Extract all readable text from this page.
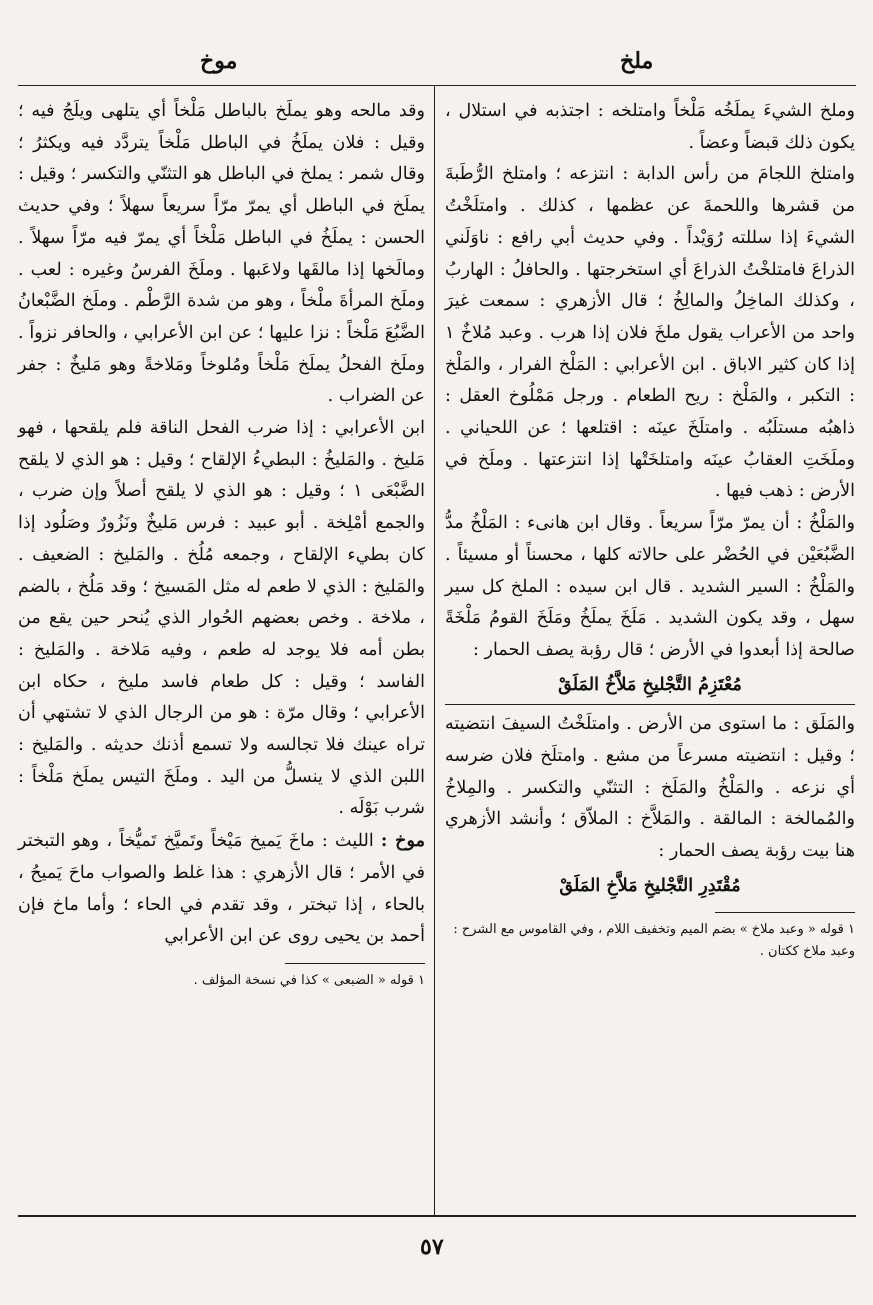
ملخ
موخ

وملخ الشيءَ يملَخُه مَلْخاً وامتلخه : اجتذبه في استلال ، يكون ذلك قبضاً وعضاً .

وامتلخ اللجامَ من رأس الدابة : انتزعه ؛ وامتلخ الرُّطَبةَ من قشرها واللحمةَ عن عظمها ، كذلك . وامتلَخْتُ الشيءَ إذا سللته رُوَيْداً . وفي حديث أبي رافع : ناوَلَني الذراعَ فامتلخْتُ الذراعَ أي استخرجتها . والحافلُ : الهاربُ ، وكذلك الماخِلُ والمالِخُ ؛ قال الأزهري : سمعت غيرَ واحد من الأعراب يقول ملخَ فلان إذا هرب . وعبد مُلاخٌ ١ إذا كان كثير الاباق . ابن الأعرابي : المَلْخ الفرار ، والمَلْخ : التكبر ، والمَلْخ : ريح الطعام . ورجل مَمْلُوخ العقل : ذاهبُه مستلَبُه . وامتلَخَ عينَه : اقتلعها ؛ عن اللحياني . وملَخَتِ العقابُ عينَه وامتلخَتْها إذا انتزعتها . وملَخ في الأرض : ذهب فيها .

والمَلْخُ : أن يمرّ مرّاً سريعاً . وقال ابن هانىء : المَلْخُ مدُّ الضَّبُعَيْن في الحُضْر على حالاته كلها ، محسناً أو مسيئاً . والمَلْخُ : السير الشديد . قال ابن سيده : الملخ كل سير سهل ، وقد يكون الشديد . مَلَخَ يملَخُ ومَلَخَ القومُ مَلْخَةً صالحة إذا أبعدوا في الأرض ؛ قال رؤبة يصف الحمار :

مُعْتَزِمُ التَّجْليخِ مَلاَّخُ المَلَقْ

والمَلَق : ما استوى من الأرض . وامتلَخْتُ السيفَ انتضيته ؛ وقيل : انتضيته مسرعاً من مشع . وامتلَخ فلان ضرسه أي نزعه . والمَلْخُ والمَلَخ : التثنّي والتكسر . والمِلاخُ والمُمالخة : المالقة . والمَلاَّخ : الملاّق ؛ وأنشد الأزهري هنا بيت رؤبة يصف الحمار :

مُقْتَدِرِ التَّجْليخِ مَلاَّخِ المَلَقْ

١ قوله « وعبد ملاخ » بضم الميم وتخفيف اللام ، وفي القاموس مع الشرح : وعبد ملاخ ككتان .

وقد مالحه وهو يملَخ بالباطل مَلْخاً أي يتلهى ويلَجُ فيه ؛ وقيل : فلان يملَخُ في الباطل مَلْخاً يتردَّد فيه ويكثرُ ؛ وقال شمر : يملخ في الباطل هو التثنّي والتكسر ؛ وقيل : يملَخ في الباطل أي يمرّ مرّاً سريعاً سهلاً ؛ وفي حديث الحسن : يملَخُ في الباطل مَلْخاً أي يمرّ فيه مرّاً سهلاً . ومالَخها إذا مالقَها ولاعَبها . وملَخَ الفرسُ وغيره : لعب . وملَخ المرأةَ ملْخاً ، وهو من شدة الرَّطْم . وملَخ الضَّبْعانُ الضَّبُعَ مَلْخاً : نزا عليها ؛ عن ابن الأعرابي ، والحافر نزواً . وملَخ الفحلُ يملَخ مَلْخاً ومُلوخاً ومَلاخةً وهو مَليخٌ : جفر عن الضراب .

ابن الأعرابي : إذا ضرب الفحل الناقة فلم يلقحها ، فهو مَليخ . والمَليخُ : البطيءُ الإلقاح ؛ وقيل : هو الذي لا يلقح الضَّبْعَى ١ ؛ وقيل : هو الذي لا يلقح أصلاً وإن ضرب ، والجمع أمْلِخة . أبو عبيد : فرس مَليخٌ ونَزُورٌ وصَلُود إذا كان بطيء الإلقاح ، وجمعه مُلُخ . والمَليخ : الضعيف . والمَليخ : الذي لا طعم له مثل المَسيخ ؛ وقد مَلُخ ، بالضم ، ملاخة . وخص بعضهم الحُوار الذي يُنحر حين يقع من بطن أمه فلا يوجد له طعم ، وفيه مَلاخة . والمَليخ : الفاسد ؛ وقيل : كل طعام فاسد مليخ ، حكاه ابن الأعرابي ؛ وقال مرّة : هو من الرجال الذي لا تشتهي أن تراه عينك فلا تجالسه ولا تسمع أذنك حديثه . والمَليخ : اللبن الذي لا ينسلُّ من اليد . وملَخَ التيس يملَخ مَلْخاً : شرب بَوْلَه .

موخ : الليث : ماخَ يَميخ مَيْخاً وتَميَّخ تَميُّخاً ، وهو التبختر في الأمر ؛ قال الأزهري : هذا غلط والصواب ماحَ يَميحُ ، بالحاء ، إذا تبختر ، وقد تقدم في الحاء ؛ وأما ماخ فإن أحمد بن يحيى روى عن ابن الأعرابي

١ قوله « الضبعى » كذا في نسخة المؤلف .
٥٧
